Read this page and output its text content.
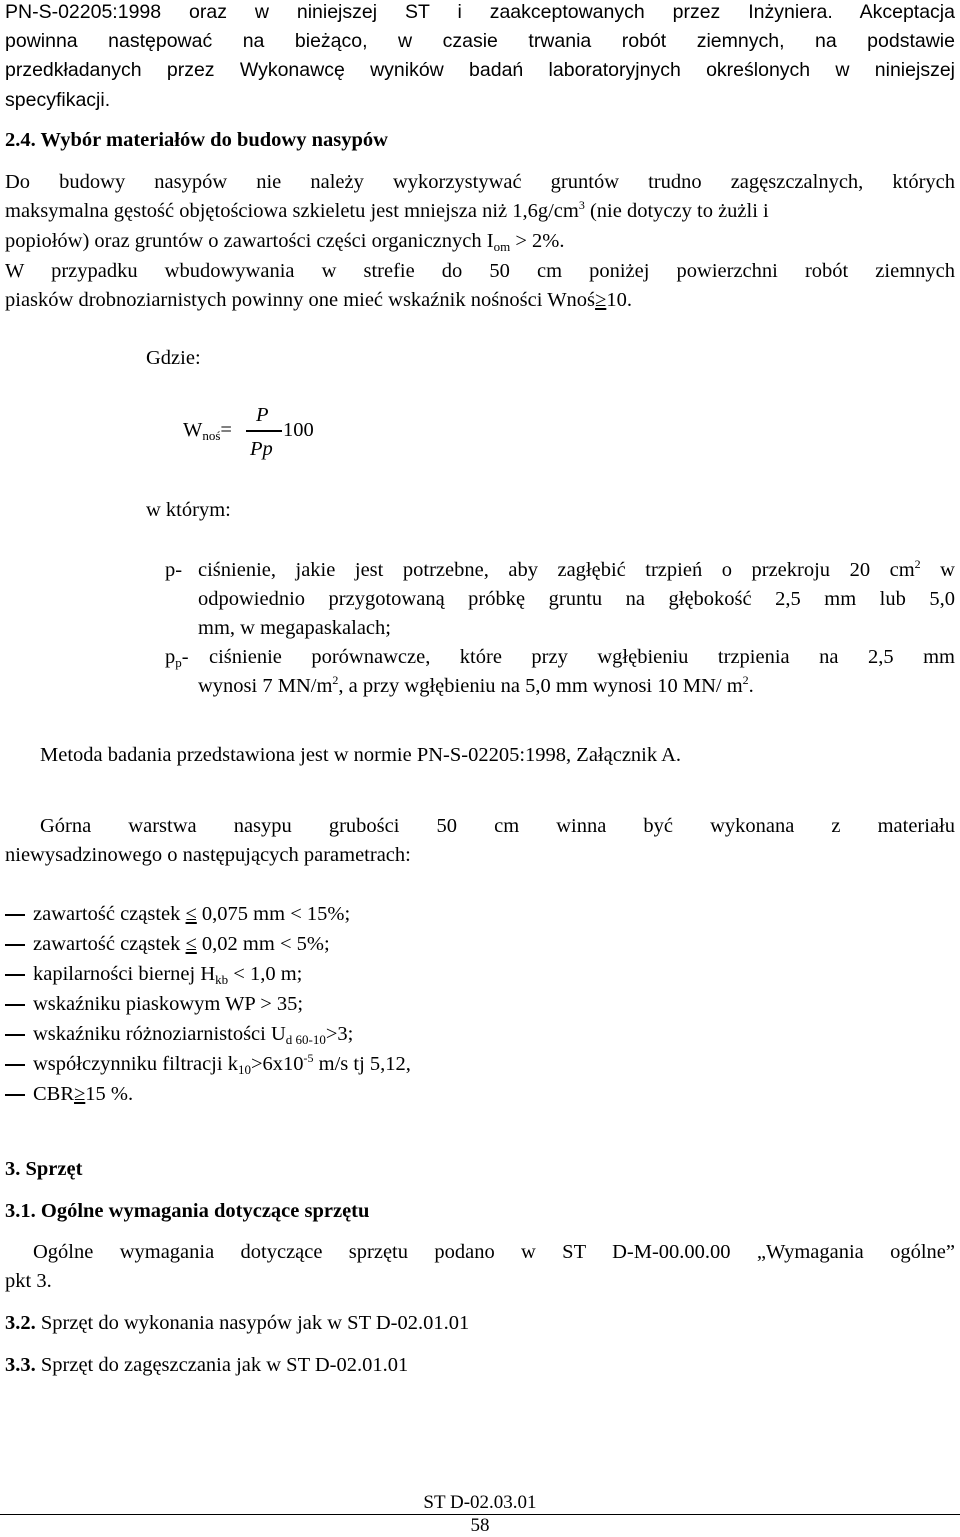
PN-S-02205:1998 oraz w niniejszej ST i zaakceptowanych przez Inżyniera. Akceptacja
powinna następować na bieżąco, w czasie trwania robót ziemnych, na podstawie
przedkładanych przez Wykonawcę wyników badań laboratoryjnych określonych w niniejszej
specyfikacji.
2.4. Wybór materiałów do budowy nasypów
Do budowy nasypów nie należy wykorzystywać gruntów trudno zagęszczalnych, których
maksymalna gęstość objętościowa szkieletu jest mniejsza niż $1,6g/cm^3$ (nie dotyczy to żużli i
popiołów) oraz gruntów o zawartości części organicznych $I_{om} > 2\%$.
W przypadku wbudowywania w strefie do 50 cm poniżej powierzchni robót ziemnych
piasków drobnoziarnistych powinny one mieć wskaźnik nośności Wnoś≥10.
Gdzie:
$W_{noś}=$
P
Pp
100
w którym:
p- ciśnienie, jakie jest potrzebne, aby zagłębić trzpień o przekroju 20 $cm^2$ w
odpowiednio przygotowaną próbkę gruntu na głębokość 2,5 mm lub 5,0
mm, w megapaskalach;
$p_p-$ ciśnienie porównawcze, które przy wgłębieniu trzpienia na 2,5 mm
wynosi 7 $MN/m^2$, a przy wgłębieniu na 5,0 mm wynosi 10 MN/ $m^2$.
Metoda badania przedstawiona jest w normie PN-S-02205:1998, Załącznik A.
Górna warstwa nasypu grubości 50 cm winna być wykonana z materiału
niewysadzinowego o następujących parametrach:
zawartość cząstek ≤ 0,075 mm < 15%;
zawartość cząstek ≤ 0,02 mm < 5%;
kapilarności biernej $H_{kb} < 1,0$ m;
wskaźniku piaskowym WP > 35;
wskaźniku różnoziarnistości $U_{d 60-10}>3$;
współczynniku filtracji $k_{10}>6x10^{-5}$ m/s tj 5,12,
CBR≥15 %.
3. Sprzęt
3.1. Ogólne wymagania dotyczące sprzętu
Ogólne wymagania dotyczące sprzętu podano w ST D-M-00.00.00 „Wymagania ogólne”
pkt 3.
3.2. Sprzęt do wykonania nasypów jak w ST D-02.01.01
3.3. Sprzęt do zagęszczania jak w ST D-02.01.01
ST D-02.03.01
58
